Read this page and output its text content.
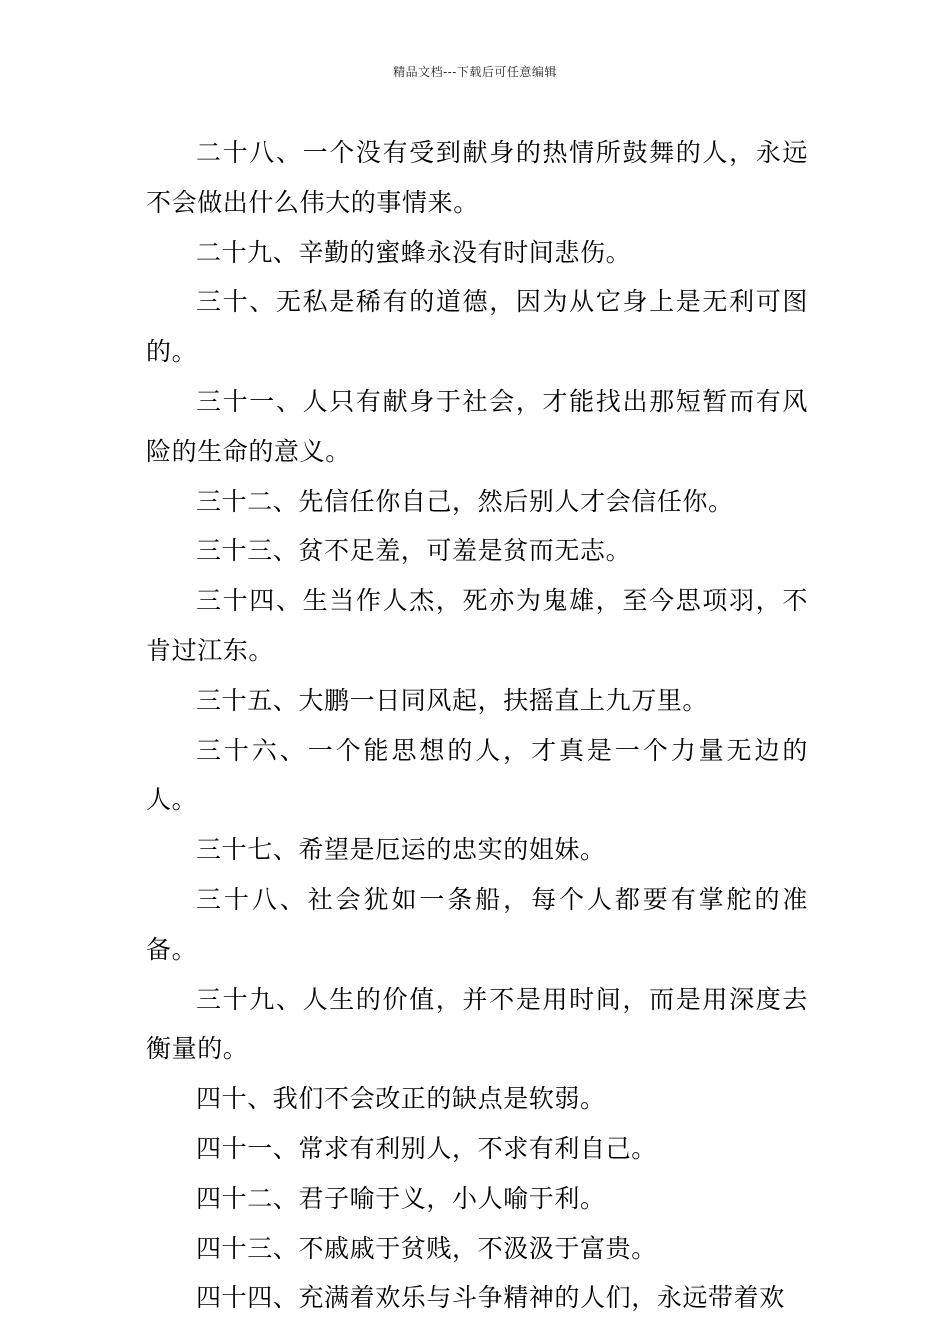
精品文档---下载后可任意编辑

二十八、一个没有受到献身的热情所鼓舞的人，永远不会做出什么伟大的事情来。

二十九、辛勤的蜜蜂永没有时间悲伤。

三十、无私是稀有的道德，因为从它身上是无利可图的。

三十一、人只有献身于社会，才能找出那短暂而有风险的生命的意义。

三十二、先信任你自己，然后别人才会信任你。

三十三、贫不足羞，可羞是贫而无志。

三十四、生当作人杰，死亦为鬼雄，至今思项羽，不肯过江东。

三十五、大鹏一日同风起，扶摇直上九万里。

三十六、一个能思想的人，才真是一个力量无边的人。

三十七、希望是厄运的忠实的姐妹。

三十八、社会犹如一条船，每个人都要有掌舵的准备。

三十九、人生的价值，并不是用时间，而是用深度去衡量的。

四十、我们不会改正的缺点是软弱。

四十一、常求有利别人，不求有利自己。

四十二、君子喻于义，小人喻于利。

四十三、不戚戚于贫贱，不汲汲于富贵。

四十四、充满着欢乐与斗争精神的人们，永远带着欢
